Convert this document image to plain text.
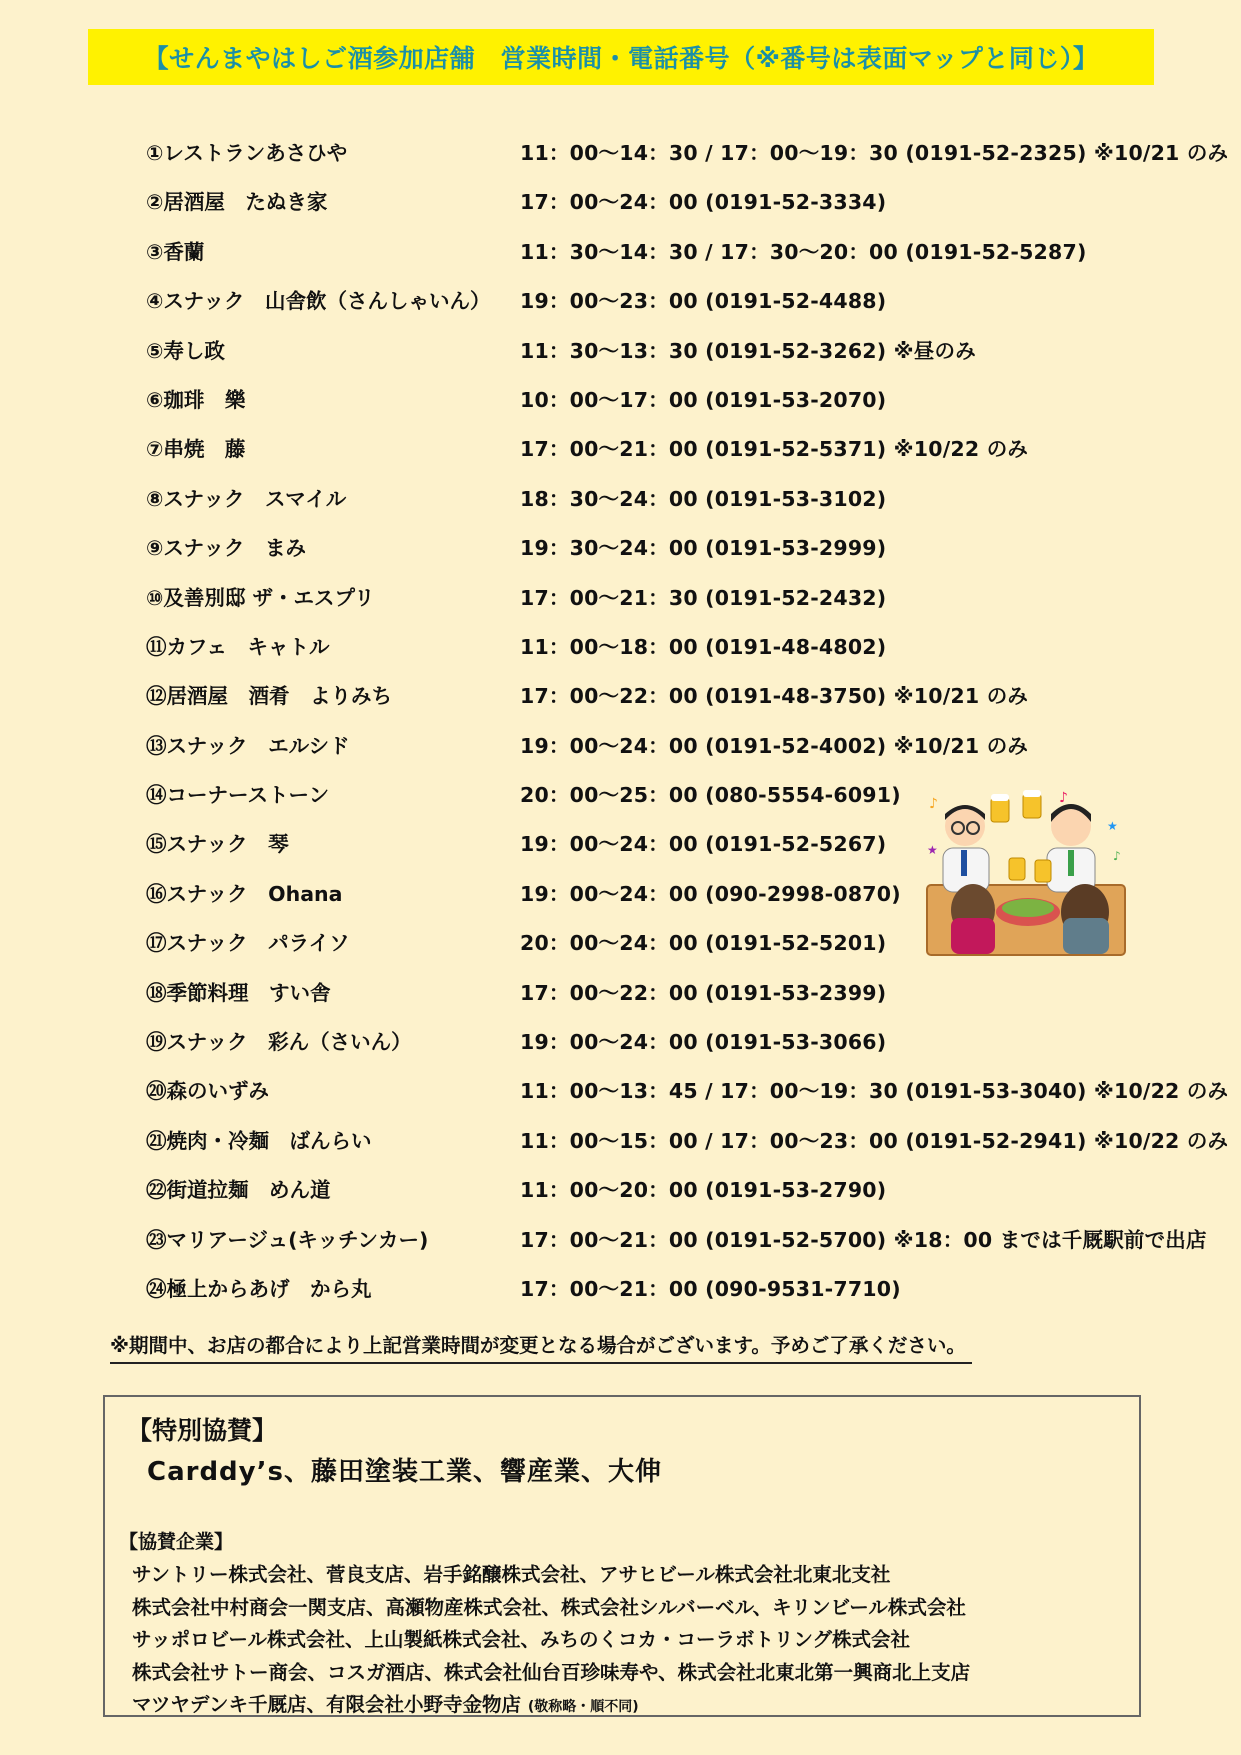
【せんまやはしご酒参加店舗　営業時間・電話番号（※番号は表面マップと同じ）】
①レストランあさひや	11：00～14：30 / 17：00～19：30 (0191-52-2325) ※10/21 のみ
②居酒屋　たぬき家	17：00～24：00 (0191-52-3334)
③香蘭	11：30～14：30 / 17：30～20：00 (0191-52-5287)
④スナック　山舎飲（さんしゃいん） 19：00～23：00 (0191-52-4488)
⑤寿し政	11：30～13：30 (0191-52-3262) ※昼のみ
⑥珈琲　樂	10：00～17：00 (0191-53-2070)
⑦串焼　藤	17：00～21：00 (0191-52-5371) ※10/22 のみ
⑧スナック　スマイル	18：30～24：00 (0191-53-3102)
⑨スナック　まみ	19：30～24：00 (0191-53-2999)
⑩及善別邸 ザ・エスプリ	17：00～21：30 (0191-52-2432)
⑪カフェ　キャトル	11：00～18：00 (0191-48-4802)
⑫居酒屋　酒肴　よりみち	17：00～22：00 (0191-48-3750) ※10/21 のみ
⑬スナック　エルシド	19：00～24：00 (0191-52-4002) ※10/21 のみ
⑭コーナーストーン	20：00～25：00 (080-5554-6091)
⑮スナック　琴	19：00～24：00 (0191-52-5267)
⑯スナック　Ohana	19：00～24：00 (090-2998-0870)
⑰スナック　パライソ	20：00～24：00 (0191-52-5201)
⑱季節料理　すい舎	17：00～22：00 (0191-53-2399)
⑲スナック　彩ん（さいん）	19：00～24：00 (0191-53-3066)
⑳森のいずみ	11：00～13：45 / 17：00～19：30 (0191-53-3040) ※10/22 のみ
㉑焼肉・冷麺　ばんらい	11：00～15：00 / 17：00～23：00 (0191-52-2941) ※10/22 のみ
㉒街道拉麺　めん道	11：00～20：00 (0191-53-2790)
㉓マリアージュ(キッチンカー)	17：00～21：00 (0191-52-5700) ※18：00 までは千厩駅前で出店
㉔極上からあげ　から丸	17：00～21：00 (090-9531-7710)
♪	♪
★
★	♪
※期間中、お店の都合により上記営業時間が変更となる場合がございます。予めご了承ください。
【特別協賛】
Carddy’s、藤田塗装工業、響産業、大伸
【協賛企業】
サントリー株式会社、菅良支店、岩手銘醸株式会社、アサヒビール株式会社北東北支社
株式会社中村商会一関支店、高瀬物産株式会社、株式会社シルバーベル、キリンビール株式会社
サッポロビール株式会社、上山製紙株式会社、みちのくコカ・コーラボトリング株式会社
株式会社サトー商会、コスガ酒店、株式会社仙台百珍味寿や、株式会社北東北第一興商北上支店
マツヤデンキ千厩店、有限会社小野寺金物店 (敬称略・順不同)
